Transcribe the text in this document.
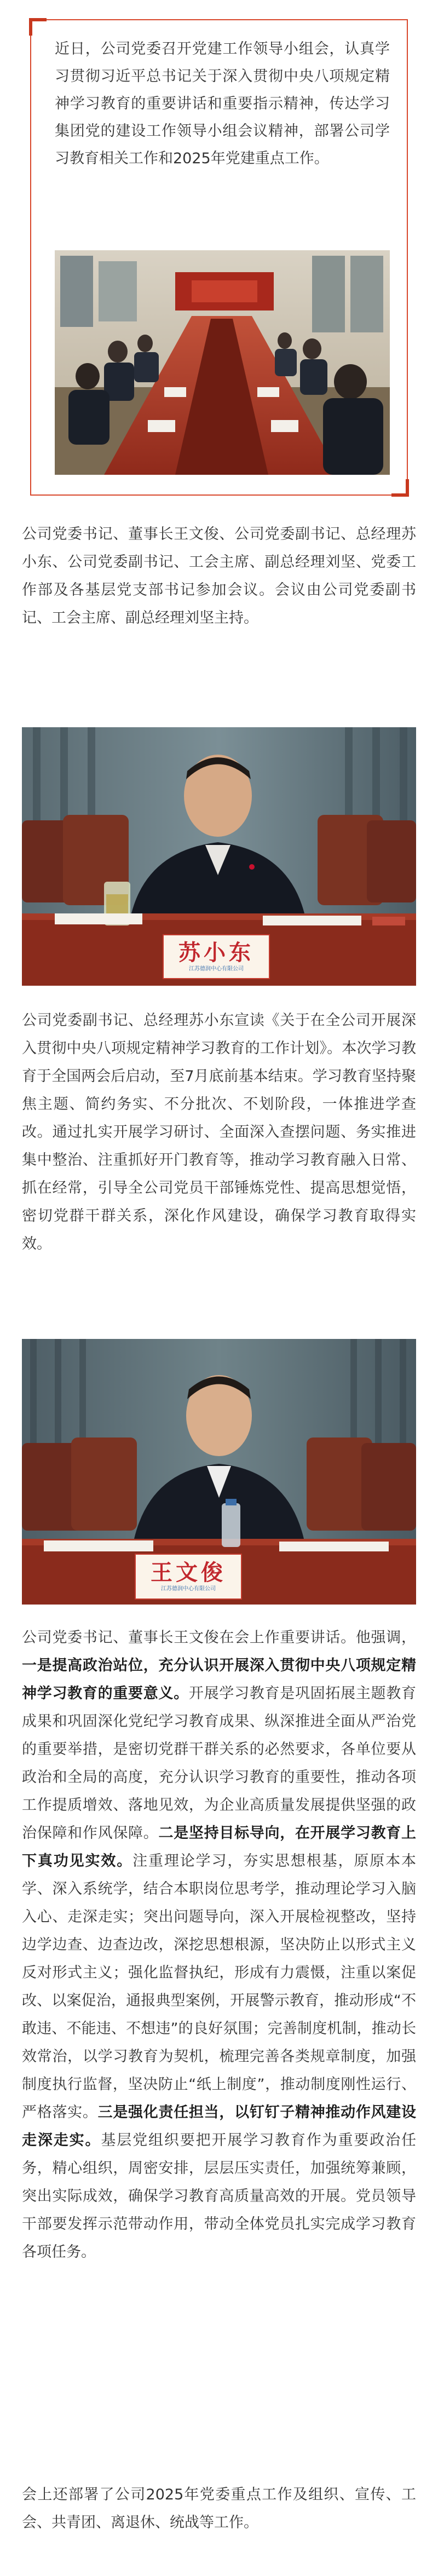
近日，公司党委召开党建工作领导小组会，认真学习贯彻习近平总书记关于深入贯彻中央八项规定精神学习教育的重要讲话和重要指示精神，传达学习集团党的建设工作领导小组会议精神，部署公司学习教育相关工作和2025年党建重点工作。

公司党委书记、董事长王文俊、公司党委副书记、总经理苏小东、公司党委副书记、工会主席、副总经理刘坚、党委工作部及各基层党支部书记参加会议。会议由公司党委副书记、工会主席、副总经理刘坚主持。

苏小东
江苏德润中心有限公司

公司党委副书记、总经理苏小东宣读《关于在全公司开展深入贯彻中央八项规定精神学习教育的工作计划》。本次学习教育于全国两会后启动，至7月底前基本结束。学习教育坚持聚焦主题、简约务实、不分批次、不划阶段，一体推进学查改。通过扎实开展学习研讨、全面深入查摆问题、务实推进集中整治、注重抓好开门教育等，推动学习教育融入日常、抓在经常，引导全公司党员干部锤炼党性、提高思想觉悟，密切党群干群关系，深化作风建设，确保学习教育取得实效。

王文俊
江苏德润中心有限公司

公司党委书记、董事长王文俊在会上作重要讲话。他强调，一是提高政治站位，充分认识开展深入贯彻中央八项规定精神学习教育的重要意义。开展学习教育是巩固拓展主题教育成果和巩固深化党纪学习教育成果、纵深推进全面从严治党的重要举措，是密切党群干群关系的必然要求，各单位要从政治和全局的高度，充分认识学习教育的重要性，推动各项工作提质增效、落地见效，为企业高质量发展提供坚强的政治保障和作风保障。二是坚持目标导向，在开展学习教育上下真功见实效。注重理论学习，夯实思想根基，原原本本学、深入系统学，结合本职岗位思考学，推动理论学习入脑入心、走深走实；突出问题导向，深入开展检视整改，坚持边学边查、边查边改，深挖思想根源，坚决防止以形式主义反对形式主义；强化监督执纪，形成有力震慑，注重以案促改、以案促治，通报典型案例，开展警示教育，推动形成“不敢违、不能违、不想违”的良好氛围；完善制度机制，推动长效常治，以学习教育为契机，梳理完善各类规章制度，加强制度执行监督，坚决防止“纸上制度”，推动制度刚性运行、严格落实。三是强化责任担当，以钉钉子精神推动作风建设走深走实。基层党组织要把开展学习教育作为重要政治任务，精心组织，周密安排，层层压实责任，加强统筹兼顾，突出实际成效，确保学习教育高质量高效的开展。党员领导干部要发挥示范带动作用，带动全体党员扎实完成学习教育各项任务。

会上还部署了公司2025年党委重点工作及组织、宣传、工会、共青团、离退休、统战等工作。
